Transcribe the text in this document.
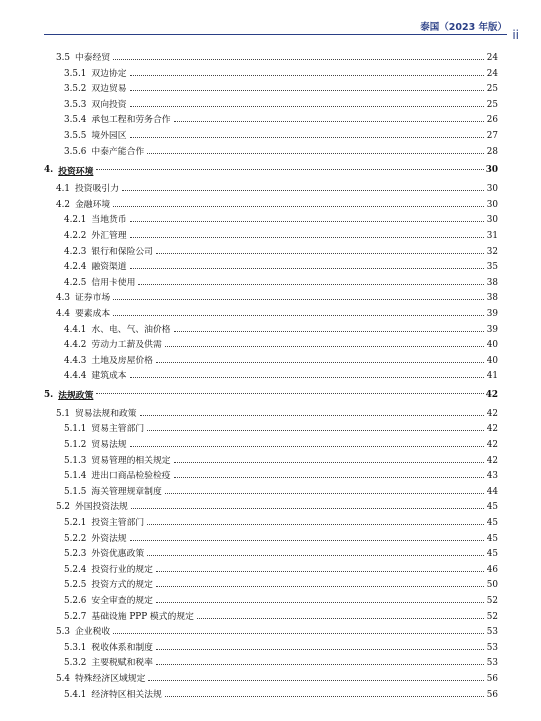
泰国（2023 年版）
ii
3.5 中泰经贸	24
3.5.1 双边协定	24
3.5.2 双边贸易	25
3.5.3 双向投资	25
3.5.4 承包工程和劳务合作	26
3.5.5 境外园区	27
3.5.6 中泰产能合作	28
4. 投资环境	30
4.1 投资吸引力	30
4.2 金融环境	30
4.2.1 当地货币	30
4.2.2 外汇管理	31
4.2.3 银行和保险公司	32
4.2.4 融资渠道	35
4.2.5 信用卡使用	38
4.3 证券市场	38
4.4 要素成本	39
4.4.1 水、电、气、油价格	39
4.4.2 劳动力工薪及供需	40
4.4.3 土地及房屋价格	40
4.4.4 建筑成本	41
5. 法规政策	42
5.1 贸易法规和政策	42
5.1.1 贸易主管部门	42
5.1.2 贸易法规	42
5.1.3 贸易管理的相关规定	42
5.1.4 进出口商品检验检疫	43
5.1.5 海关管理规章制度	44
5.2 外国投资法规	45
5.2.1 投资主管部门	45
5.2.2 外资法规	45
5.2.3 外资优惠政策	45
5.2.4 投资行业的规定	46
5.2.5 投资方式的规定	50
5.2.6 安全审查的规定	52
5.2.7 基础设施 PPP 模式的规定	52
5.3 企业税收	53
5.3.1 税收体系和制度	53
5.3.2 主要税赋和税率	53
5.4 特殊经济区域规定	56
5.4.1 经济特区相关法规	56
